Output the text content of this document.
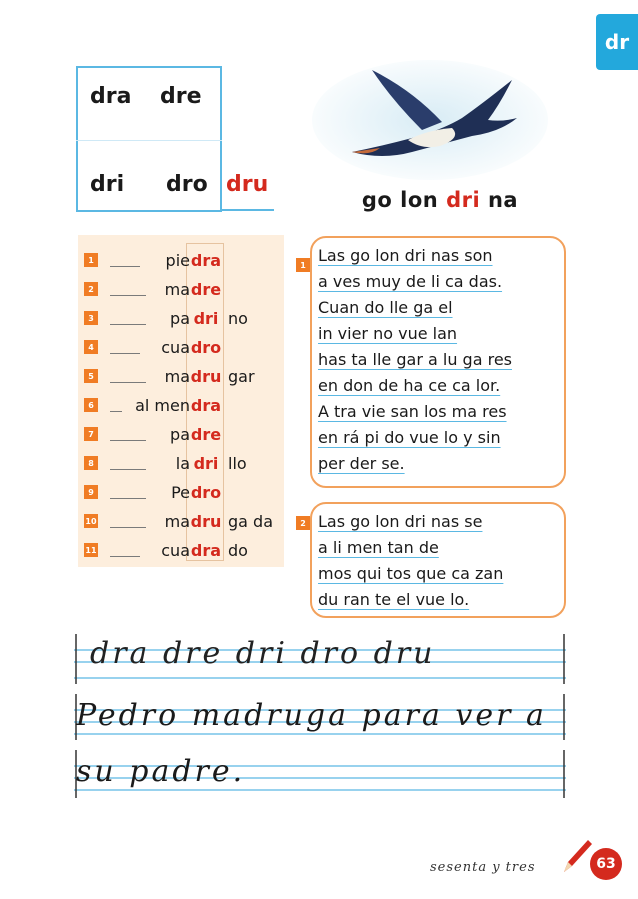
dr
dra dre
dri dro dru
go lon dri na
1	pie dra
2	ma dre
3	pa dri no
4	cua dro
5	ma dru gar
6	al men dra
7	pa dre
8	la dri llo
9	Pe dro
10	ma dru ga da
11	cua dra do
1 Las go lon dri nas son
a ves muy de li ca das.
Cuan do lle ga el
in vier no vue lan
has ta lle gar a lu ga res
en don de ha ce ca lor.
A tra vie san los ma res
en rá pi do vue lo y sin
per der se.
2 Las go lon dri nas se
a li men tan de
mos qui tos que ca zan
du ran te el vue lo.
dra dre dri dro dru
Pedro madruga para ver a
su padre.
sesenta y tres	63
